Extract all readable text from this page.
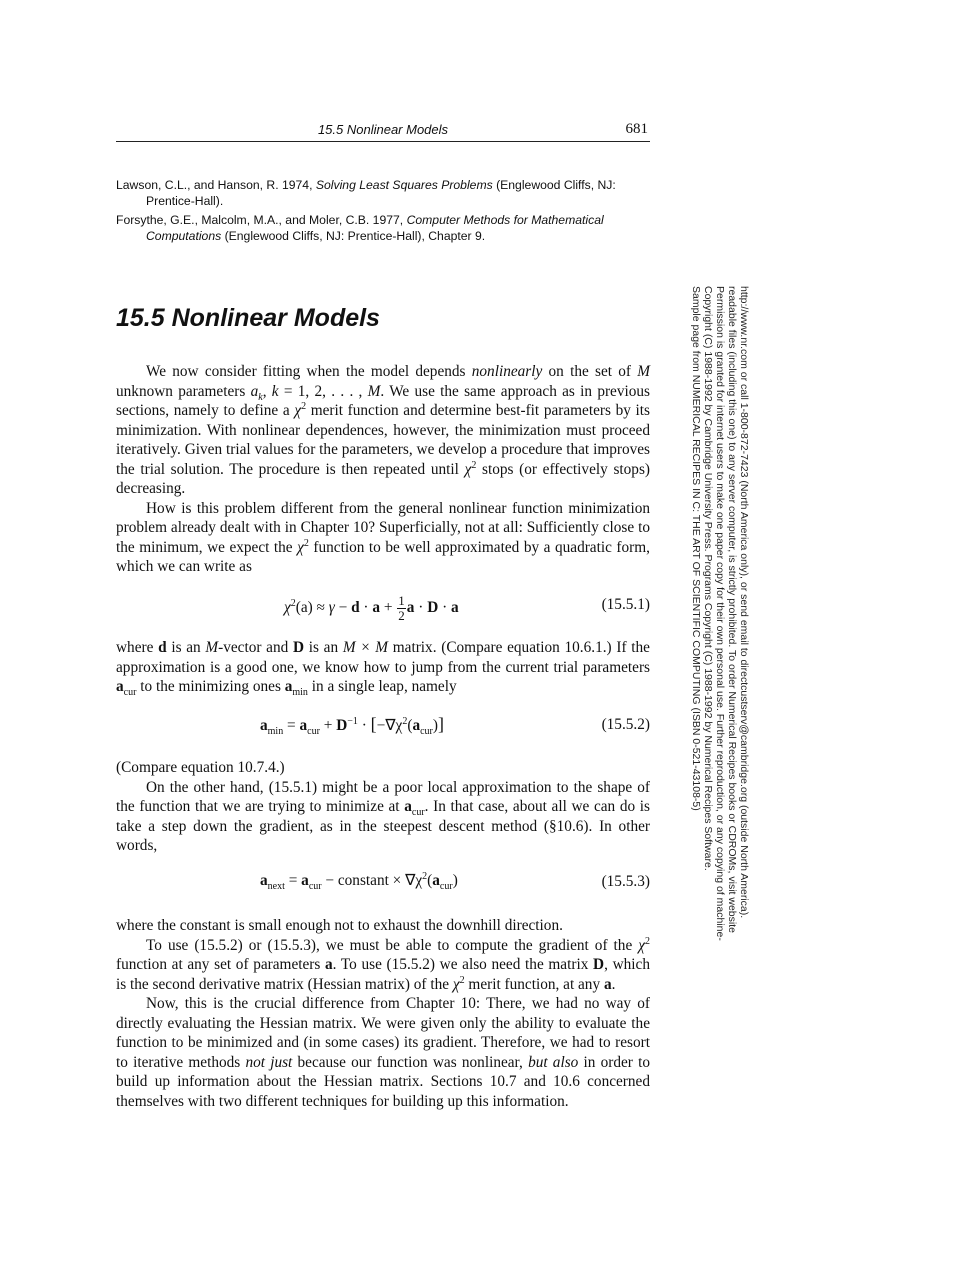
15.5 Nonlinear Models	681
Lawson, C.L., and Hanson, R. 1974, Solving Least Squares Problems (Englewood Cliffs, NJ: Prentice-Hall).
Forsythe, G.E., Malcolm, M.A., and Moler, C.B. 1977, Computer Methods for Mathematical Computations (Englewood Cliffs, NJ: Prentice-Hall), Chapter 9.
15.5 Nonlinear Models

We now consider fitting when the model depends nonlinearly on the set of M unknown parameters $a_k$, k = 1, 2, . . . , M. We use the same approach as in previous sections, namely to define a $\chi^2$ merit function and determine best-fit parameters by its minimization. With nonlinear dependences, however, the minimization must proceed iteratively. Given trial values for the parameters, we develop a procedure that improves the trial solution. The procedure is then repeated until $\chi^2$ stops (or effectively stops) decreasing.

How is this problem different from the general nonlinear function minimization problem already dealt with in Chapter 10? Superficially, not at all: Sufficiently close to the minimum, we expect the $\chi^2$ function to be well approximated by a quadratic form, which we can write as

$\chi^2(a) \approx \gamma - d \cdot a + \frac{1}{2}$ a · D · a	(15.5.1)

where d is an M-vector and D is an M × M matrix. (Compare equation 10.6.1.) If the approximation is a good one, we know how to jump from the current trial parameters $a_{cur}$ to the minimizing ones $a_{min}$ in a single leap, namely

$a_{min} = a_{cur} + D^{-1} \cdot [-\nabla\chi^2(a_{cur})]$	(15.5.2)

(Compare equation 10.7.4.)

On the other hand, (15.5.1) might be a poor local approximation to the shape of the function that we are trying to minimize at $a_{cur}$. In that case, about all we can do is take a step down the gradient, as in the steepest descent method (§10.6). In other words,

$a_{next} = a_{cur}$ − constant × $\nabla\chi^2(a_{cur})$	(15.5.3)

where the constant is small enough not to exhaust the downhill direction.

To use (15.5.2) or (15.5.3), we must be able to compute the gradient of the $\chi^2$ function at any set of parameters a. To use (15.5.2) we also need the matrix D, which is the second derivative matrix (Hessian matrix) of the $\chi^2$ merit function, at any a.

Now, this is the crucial difference from Chapter 10: There, we had no way of directly evaluating the Hessian matrix. We were given only the ability to evaluate the function to be minimized and (in some cases) its gradient. Therefore, we had to resort to iterative methods not just because our function was nonlinear, but also in order to build up information about the Hessian matrix. Sections 10.7 and 10.6 concerned themselves with two different techniques for building up this information.

http://www.nr.com or call 1-800-872-7423 (North America only), or send email to directcustserv@cambridge.org (outside North America).
readable files (including this one) to any server computer, is strictly prohibited. To order Numerical Recipes books or CDROMs, visit website
Permission is granted for internet users to make one paper copy for their own personal use. Further reproduction, or any copying of machine-
Copyright (C) 1988-1992 by Cambridge University Press. Programs Copyright (C) 1988-1992 by Numerical Recipes Software.
Sample page from NUMERICAL RECIPES IN C: THE ART OF SCIENTIFIC COMPUTING (ISBN 0-521-43108-5)
